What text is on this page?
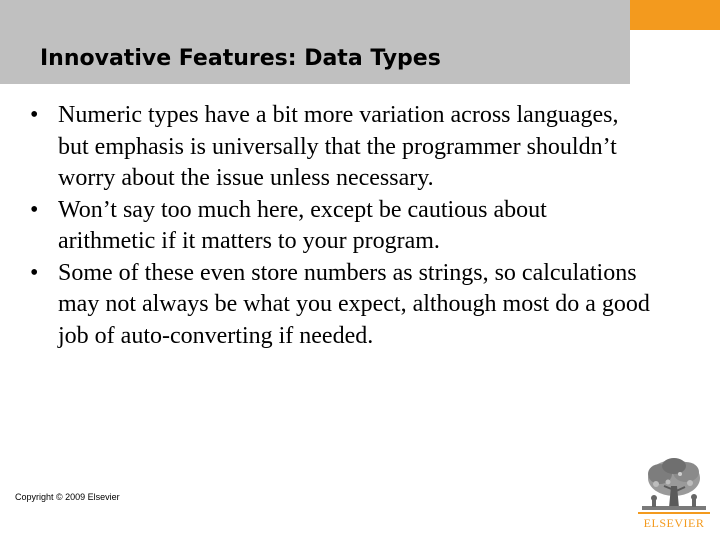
Innovative Features: Data Types
• Numeric types have a bit more variation across languages, but emphasis is universally that the programmer shouldn’t worry about the issue unless necessary.
• Won’t say too much here, except be cautious about arithmetic if it matters to your program.
• Some of these even store numbers as strings, so calculations may not always be what you expect, although most do a good job of auto-converting if needed.
Copyright © 2009 Elsevier
ELSEVIER
